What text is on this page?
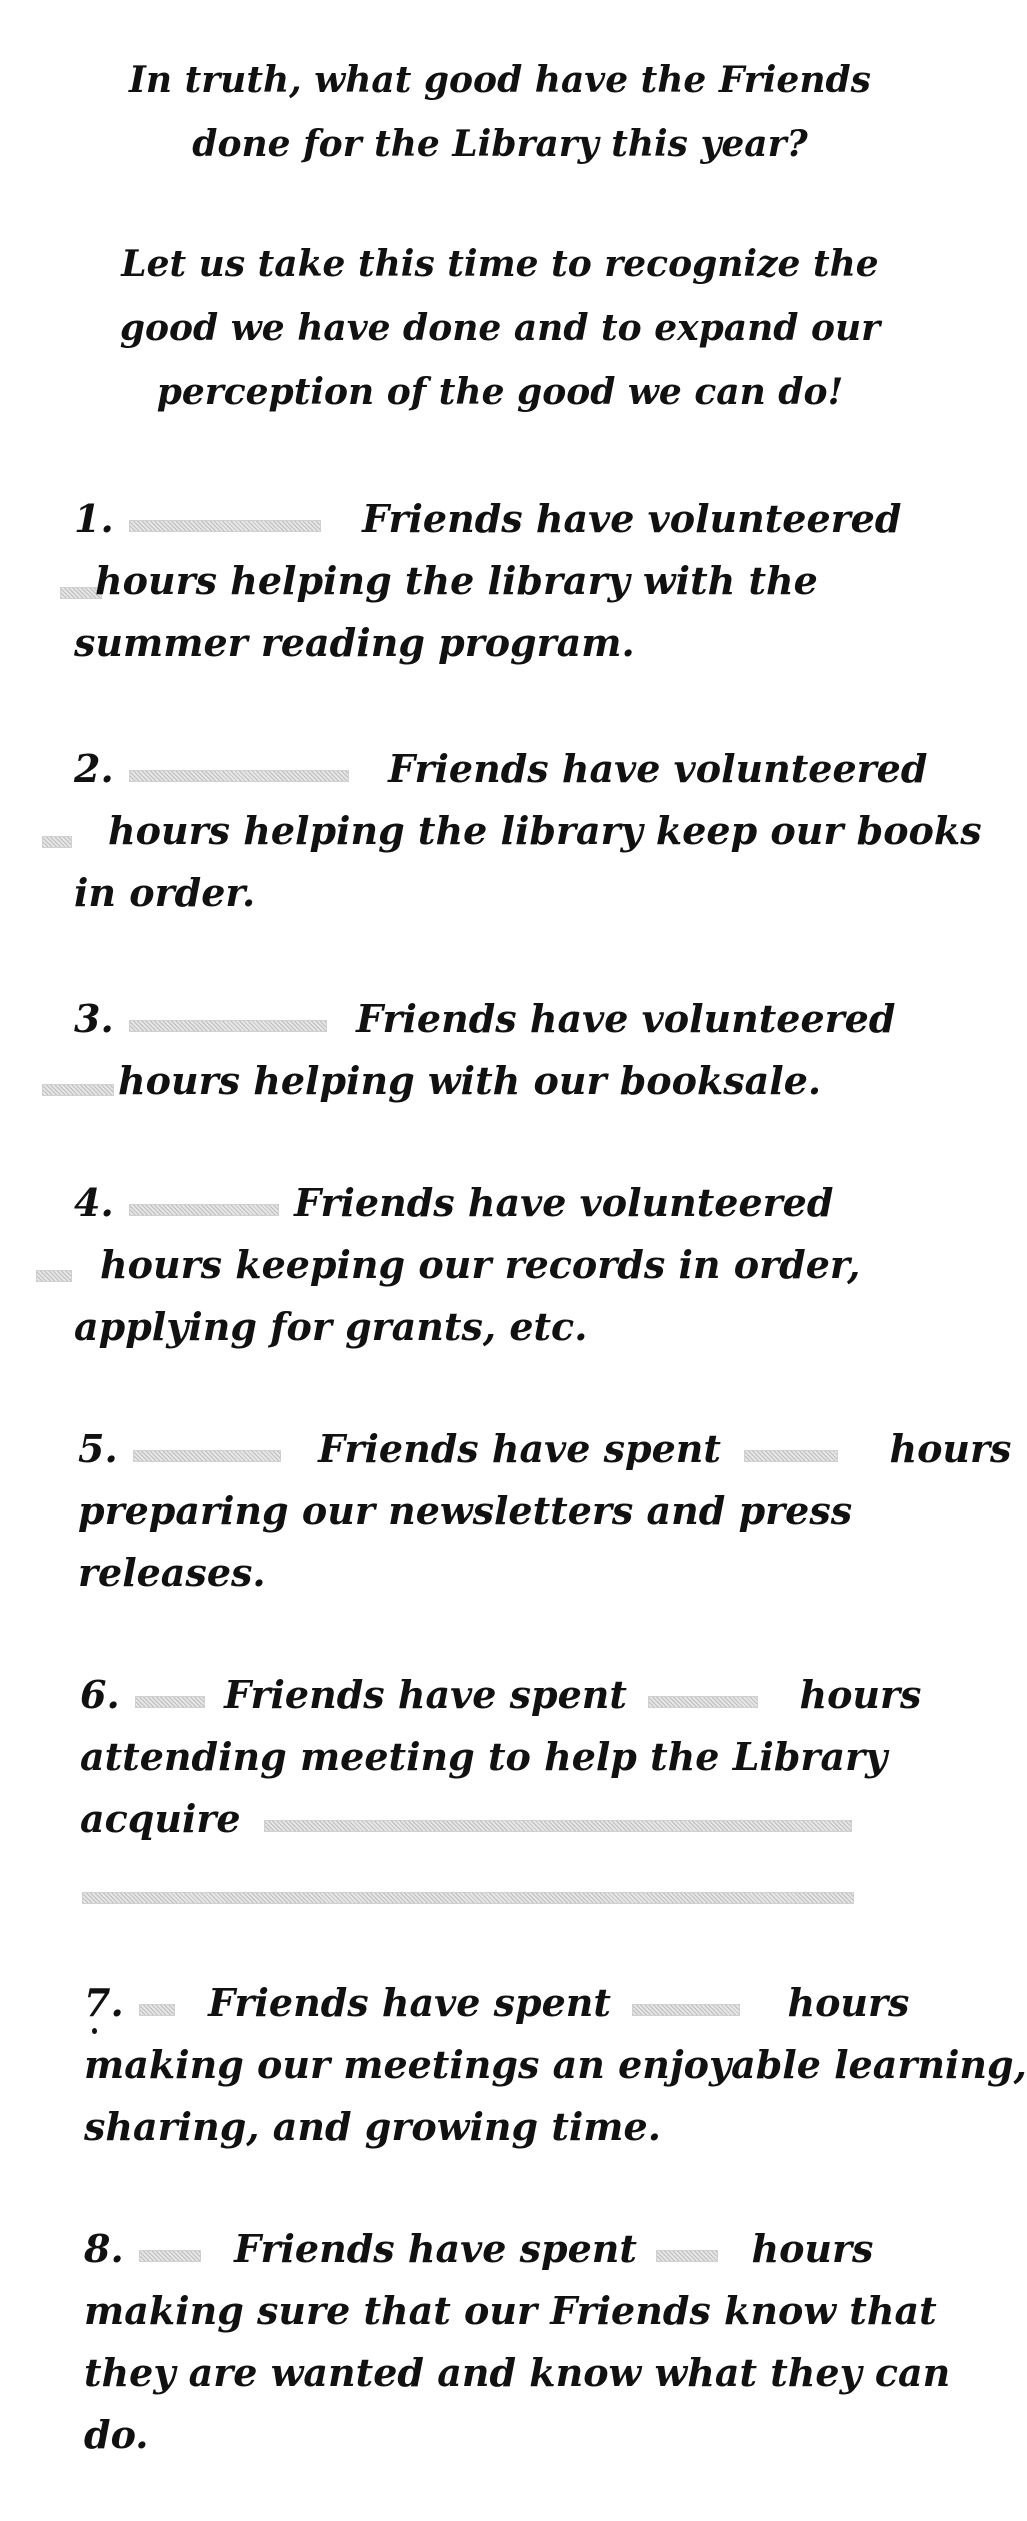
In truth, what good have the Friends
done for the Library this year?
Let us take this time to recognize the
good we have done and to expand our
perception of the good we can do!
1.	Friends have volunteered
hours helping the library with the
summer reading program.
2.	Friends have volunteered
hours helping the library keep our books
in order.
3.	Friends have volunteered
hours helping with our booksale.
4.	Friends have volunteered
hours keeping our records in order,
applying for grants, etc.
5.	Friends have spent	hours
preparing our newsletters and press
releases.
6.	Friends have spent	hours
attending meeting to help the Library
acquire
7. Friends have spent	hours
making our meetings an enjoyable learning,
sharing, and growing time.
8.	Friends have spent	hours
making sure that our Friends know that
they are wanted and know what they can
do.
